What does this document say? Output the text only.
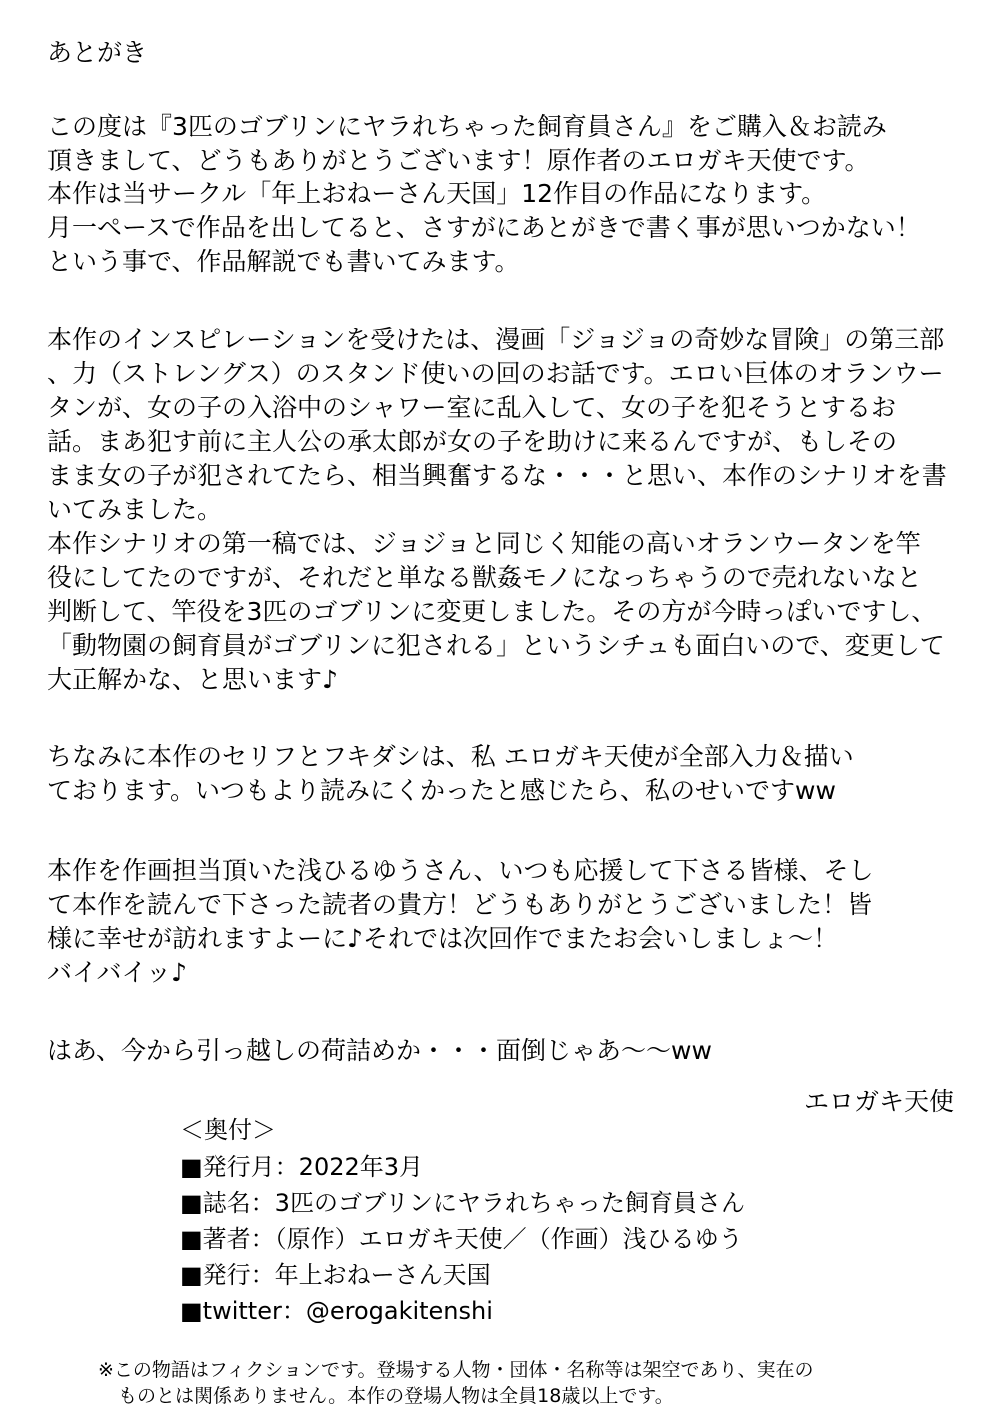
あとがき
この度は『3匹のゴブリンにヤラれちゃった飼育員さん』をご購入＆お読み
頂きまして、どうもありがとうございます！原作者のエロガキ天使です。
本作は当サークル「年上おねーさん天国」12作目の作品になります。
月一ペースで作品を出してると、さすがにあとがきで書く事が思いつかない！
という事で、作品解説でも書いてみます。
本作のインスピレーションを受けたは、漫画「ジョジョの奇妙な冒険」の第三部
、力（ストレングス）のスタンド使いの回のお話です。エロい巨体のオランウー
タンが、女の子の入浴中のシャワー室に乱入して、女の子を犯そうとするお
話。まあ犯す前に主人公の承太郎が女の子を助けに来るんですが、もしその
まま女の子が犯されてたら、相当興奮するな・・・と思い、本作のシナリオを書
いてみました。
本作シナリオの第一稿では、ジョジョと同じく知能の高いオランウータンを竿
役にしてたのですが、それだと単なる獣姦モノになっちゃうので売れないなと
判断して、竿役を3匹のゴブリンに変更しました。その方が今時っぽいですし、
「動物園の飼育員がゴブリンに犯される」というシチュも面白いので、変更して
大正解かな、と思います♪
ちなみに本作のセリフとフキダシは、私 エロガキ天使が全部入力＆描い
ております。いつもより読みにくかったと感じたら、私のせいですww
本作を作画担当頂いた浅ひるゆうさん、いつも応援して下さる皆様、そし
て本作を読んで下さった読者の貴方！どうもありがとうございました！皆
様に幸せが訪れますよーに♪それでは次回作でまたお会いしましょ～！
バイバイッ♪
はあ、今から引っ越しの荷詰めか・・・面倒じゃあ～～ww
エロガキ天使
＜奥付＞
■発行月：2022年3月
■誌名：3匹のゴブリンにヤラれちゃった飼育員さん
■著者：（原作）エロガキ天使／（作画）浅ひるゆう
■発行：年上おねーさん天国
■twitter：@erogakitenshi
※この物語はフィクションです。登場する人物・団体・名称等は架空であり、実在の
ものとは関係ありません。本作の登場人物は全員18歳以上です。
